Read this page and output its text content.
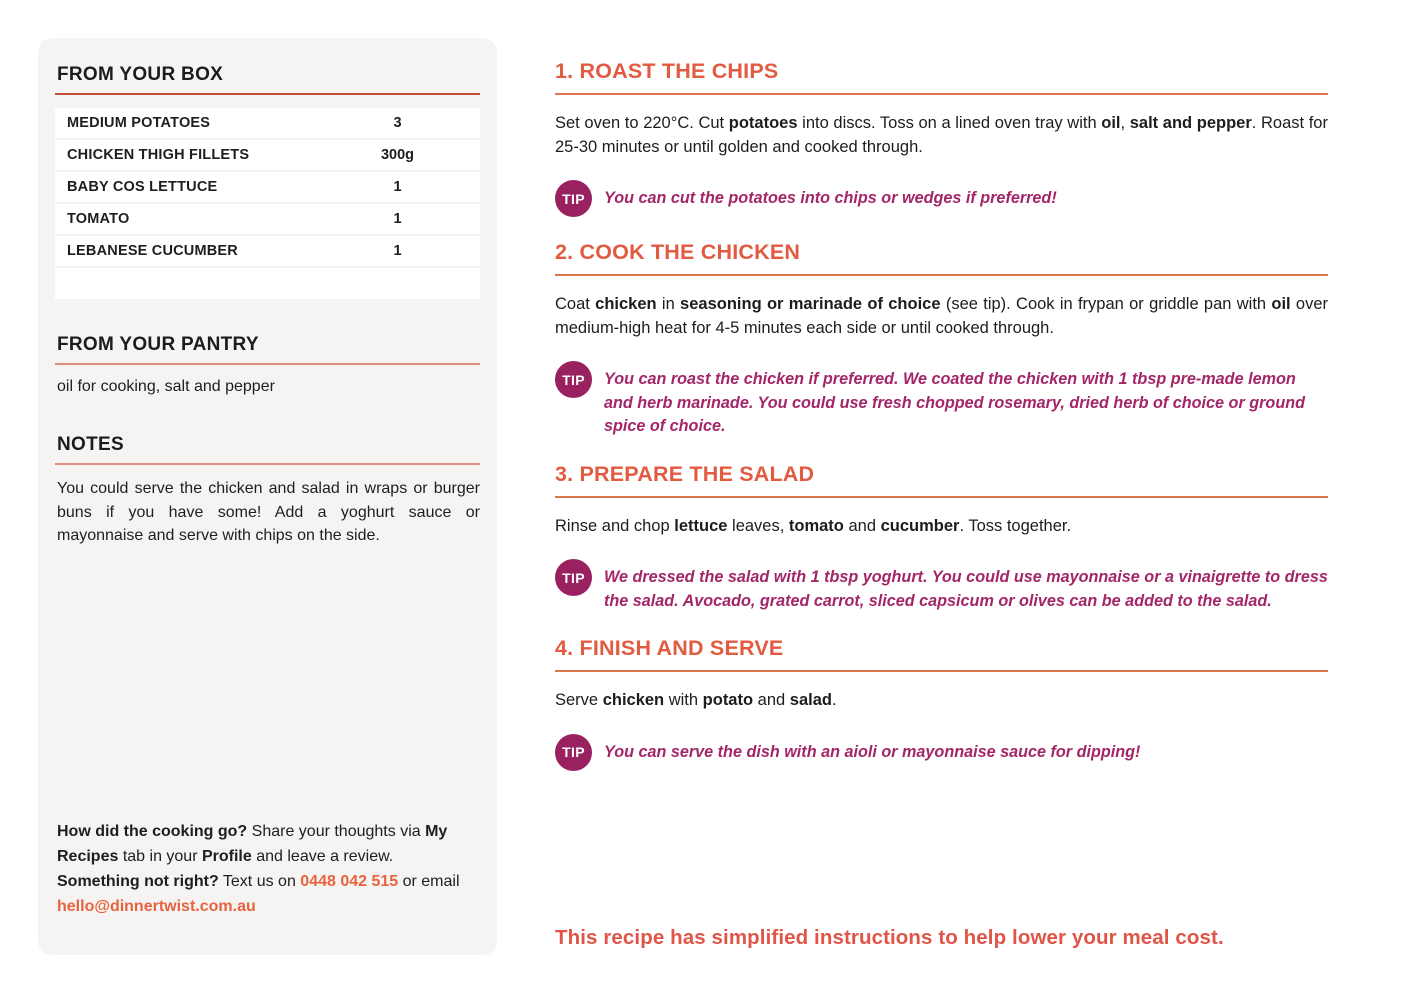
FROM YOUR BOX
MEDIUM POTATOES	3
CHICKEN THIGH FILLETS	300g
BABY COS LETTUCE	1
TOMATO	1
LEBANESE CUCUMBER	1
FROM YOUR PANTRY

oil for cooking, salt and pepper

NOTES

You could serve the chicken and salad in wraps or burger buns if you have some! Add a yoghurt sauce or mayonnaise and serve with chips on the side.

How did the cooking go? Share your thoughts via My Recipes tab in your Profile and leave a review.
Something not right? Text us on 0448 042 515 or email hello@dinnertwist.com.au

1. ROAST THE CHIPS

Set oven to 220°C. Cut potatoes into discs. Toss on a lined oven tray with oil, salt and pepper. Roast for 25-30 minutes or until golden and cooked through.

TIP	You can cut the potatoes into chips or wedges if preferred!

2. COOK THE CHICKEN

Coat chicken in seasoning or marinade of choice (see tip). Cook in frypan or griddle pan with oil over medium-high heat for 4-5 minutes each side or until cooked through.

TIP	You can roast the chicken if preferred. We coated the chicken with 1 tbsp pre-made lemon and herb marinade. You could use fresh chopped rosemary, dried herb of choice or ground spice of choice.

3. PREPARE THE SALAD

Rinse and chop lettuce leaves, tomato and cucumber. Toss together.

TIP	We dressed the salad with 1 tbsp yoghurt. You could use mayonnaise or a vinaigrette to dress the salad. Avocado, grated carrot, sliced capsicum or olives can be added to the salad.

4. FINISH AND SERVE

Serve chicken with potato and salad.

TIP	You can serve the dish with an aioli or mayonnaise sauce for dipping!

This recipe has simplified instructions to help lower your meal cost.
